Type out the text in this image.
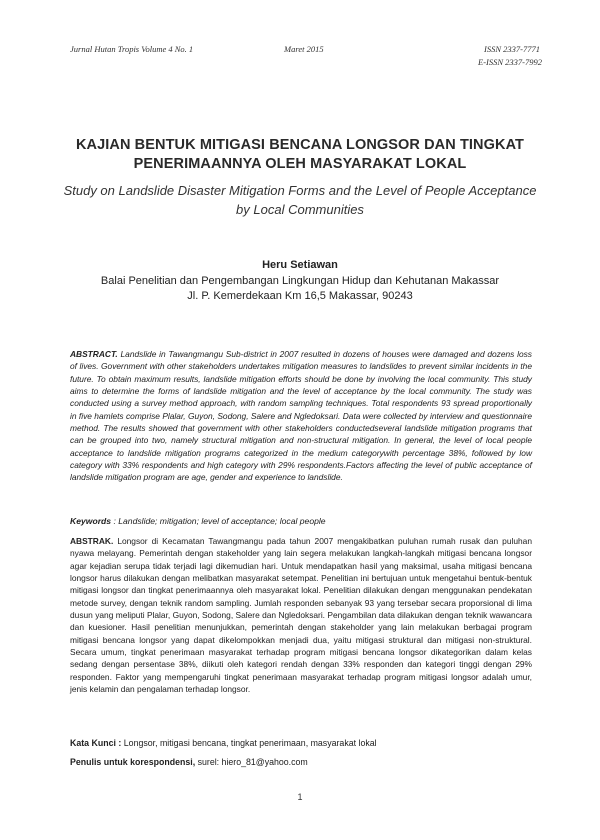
Jurnal Hutan Tropis Volume 4 No. 1	Maret 2015	ISSN 2337-7771
E-ISSN 2337-7992
KAJIAN BENTUK MITIGASI BENCANA LONGSOR DAN TINGKAT PENERIMAANNYA OLEH MASYARAKAT LOKAL
Study on Landslide Disaster Mitigation Forms and the Level of People Acceptance by Local Communities
Heru Setiawan
Balai Penelitian dan Pengembangan Lingkungan Hidup dan Kehutanan Makassar
Jl. P. Kemerdekaan Km 16,5 Makassar, 90243
ABSTRACT. Landslide in Tawangmangu Sub-district in 2007 resulted in dozens of houses were damaged and dozens loss of lives. Government with other stakeholders undertakes mitigation measures to landslides to prevent similar incidents in the future. To obtain maximum results, landslide mitigation efforts should be done by involving the local community. This study aims to determine the forms of landslide mitigation and the level of acceptance by the local community. The study was conducted using a survey method approach, with random sampling techniques. Total respondents 93 spread proportionally in five hamlets comprise Plalar, Guyon, Sodong, Salere and Ngledoksari. Data were collected by interview and questionnaire method. The results showed that government with other stakeholders conductedseveral landslide mitigation programs that can be grouped into two, namely structural mitigation and non-structural mitigation. In general, the level of local people acceptance to landslide mitigation programs categorized in the medium categorywith percentage 38%, followed by low category with 33% respondents and high category with 29% respondents.Factors affecting the level of public acceptance of landslide mitigation program are age, gender and experience to landslide.
Keywords : Landslide; mitigation; level of acceptance; local people
ABSTRAK. Longsor di Kecamatan Tawangmangu pada tahun 2007 mengakibatkan puluhan rumah rusak dan puluhan nyawa melayang. Pemerintah dengan stakeholder yang lain segera melakukan langkah-langkah mitigasi bencana longsor agar kejadian serupa tidak terjadi lagi dikemudian hari. Untuk mendapatkan hasil yang maksimal, usaha mitigasi bencana longsor harus dilakukan dengan melibatkan masyarakat setempat. Penelitian ini bertujuan untuk mengetahui bentuk-bentuk mitigasi longsor dan tingkat penerimaannya oleh masyarakat lokal. Penelitian dilakukan dengan menggunakan pendekatan metode survey, dengan teknik random sampling. Jumlah responden sebanyak 93 yang tersebar secara proporsional di lima dusun yang meliputi Plalar, Guyon, Sodong, Salere dan Ngledoksari. Pengambilan data dilakukan dengan teknik wawancara dan kuesioner. Hasil penelitian menunjukkan, pemerintah dengan stakeholder yang lain melakukan berbagai program mitigasi bencana longsor yang dapat dikelompokkan menjadi dua, yaitu mitigasi struktural dan mitigasi non-struktural. Secara umum, tingkat penerimaan masyarakat terhadap program mitigasi bencana longsor dikategorikan dalam kelas sedang dengan persentase 38%, diikuti oleh kategori rendah dengan 33% responden dan kategori tinggi dengan 29% responden. Faktor yang mempengaruhi tingkat penerimaan masyarakat terhadap program mitigasi longsor adalah umur, jenis kelamin dan pengalaman terhadap longsor.
Kata Kunci : Longsor, mitigasi bencana, tingkat penerimaan, masyarakat lokal
Penulis untuk korespondensi, surel: hiero_81@yahoo.com
1
